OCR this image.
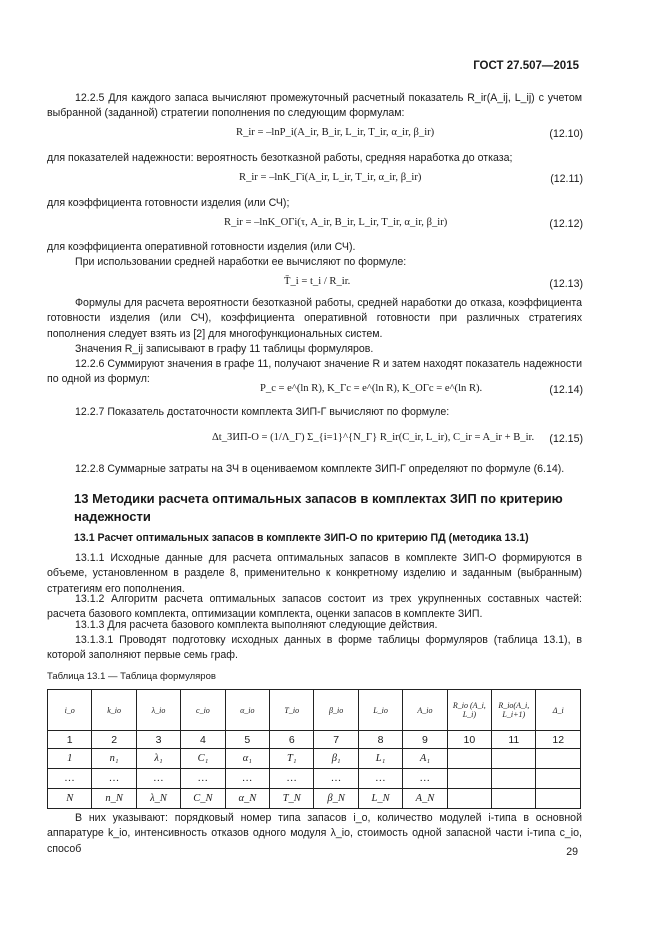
ГОСТ 27.507—2015
12.2.5 Для каждого запаса вычисляют промежуточный расчетный показатель R_ir(A_ij, L_ij) с учетом выбранной (заданной) стратегии пополнения по следующим формулам:
R_ir = –lnP_i(A_ir, B_ir, L_ir, T_ir, α_ir, β_ir)	(12.10)
для показателей надежности: вероятность безотказной работы, средняя наработка до отказа;
R_ir = –lnK_Γi(A_ir, L_ir, T_ir, α_ir, β_ir)	(12.11)
для коэффициента готовности изделия (или СЧ);
R_ir = –lnK_ОГi(τ, A_ir, B_ir, L_ir, T_ir, α_ir, β_ir)	(12.12)
для коэффициента оперативной готовности изделия (или СЧ).
При использовании средней наработки ее вычисляют по формуле:
T̄_i = t_i / R_ir.	(12.13)
Формулы для расчета вероятности безотказной работы, средней наработки до отказа, коэффициента готовности изделия (или СЧ), коэффициента оперативной готовности при различных стратегиях пополнения следует взять из [2] для многофункциональных систем.
Значения R_ij записывают в графу 11 таблицы формуляров.
12.2.6 Суммируют значения в графе 11, получают значение R и затем находят показатель надежности по одной из формул:
P_с = e^(ln R), K_Γс = e^(ln R), K_ОГс = e^(ln R).	(12.14)
12.2.7 Показатель достаточности комплекта ЗИП-Г вычисляют по формуле:
Δt_ЗИП-О = (1/Λ_Γ) Σ_{i=1}^{N_Γ} R_ir(C_ir, L_ir), C_ir = A_ir + B_ir. (12.15)
12.2.8 Суммарные затраты на ЗЧ в оцениваемом комплекте ЗИП-Г определяют по формуле (6.14).
13 Методики расчета оптимальных запасов в комплектах ЗИП по критерию надежности
13.1 Расчет оптимальных запасов в комплекте ЗИП-О по критерию ПД (методика 13.1)
13.1.1 Исходные данные для расчета оптимальных запасов в комплекте ЗИП-О формируются в объеме, установленном в разделе 8, применительно к конкретному изделию и заданным (выбранным) стратегиям его пополнения.
13.1.2 Алгоритм расчета оптимальных запасов состоит из трех укрупненных составных частей: расчета базового комплекта, оптимизации комплекта, оценки запасов в комплекте ЗИП.
13.1.3 Для расчета базового комплекта выполняют следующие действия.
13.1.3.1 Проводят подготовку исходных данных в форме таблицы формуляров (таблица 13.1), в которой заполняют первые семь граф.
Таблица 13.1 — Таблица формуляров
i_o	k_io	λ_io	c_io	α_io	T_io	β_io	L_io	A_io	R_io (A_i, L_i)	R_io(A_i, L_i+1)	Δ_i
1	2	3	4	5	6	7	8	9	10	11	12
1	n₁	λ₁	C₁	α₁	T₁	β₁	L₁	A₁			
…	…	…	…	…	…	…	…	…			
N	n_N	λ_N	C_N	α_N	T_N	β_N	L_N	A_N			
В них указывают: порядковый номер типа запасов i_o, количество модулей i-типа в основной аппаратуре k_io, интенсивность отказов одного модуля λ_io, стоимость одной запасной части i-типа c_io, способ	29
